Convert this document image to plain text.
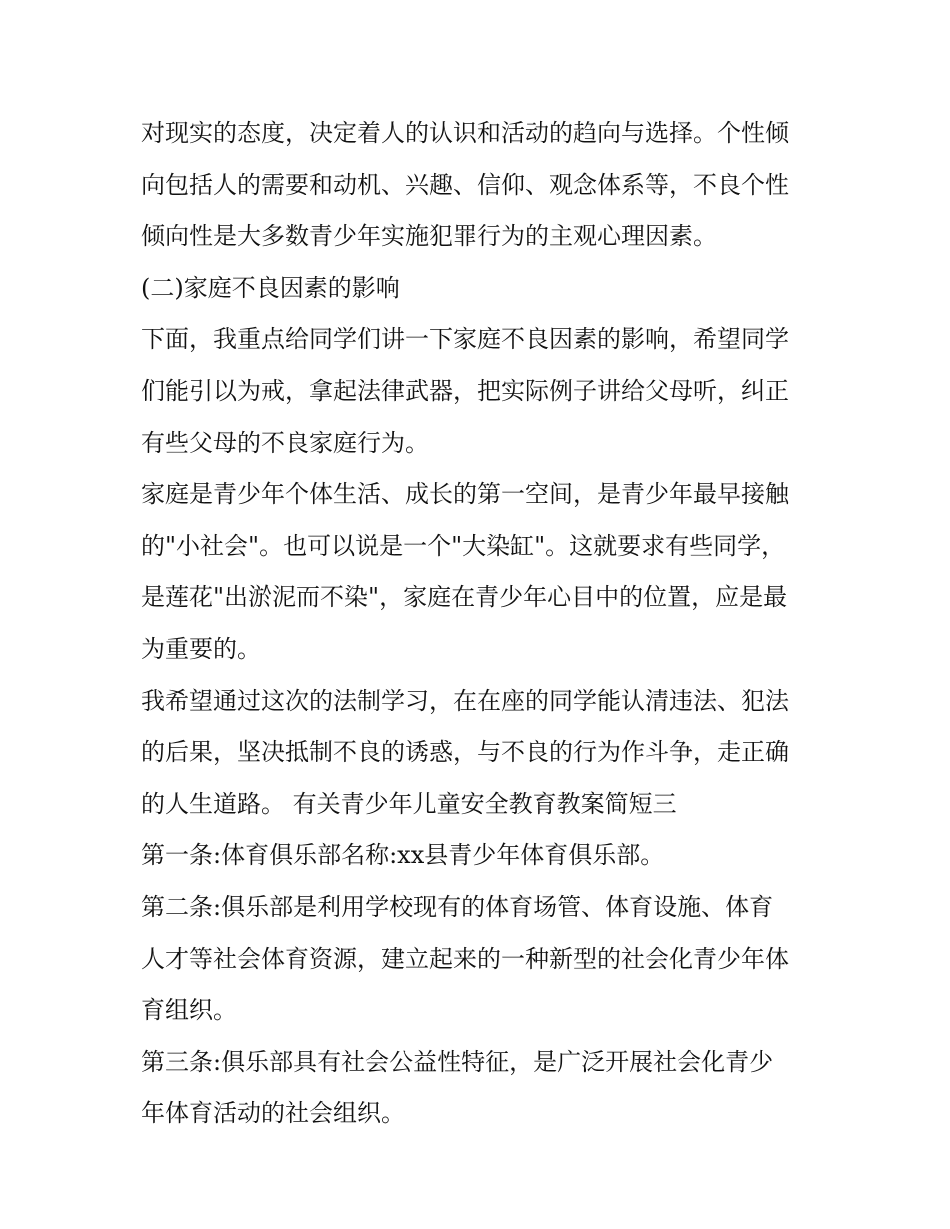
对现实的态度，决定着人的认识和活动的趋向与选择。个性倾
向包括人的需要和动机、兴趣、信仰、观念体系等，不良个性
倾向性是大多数青少年实施犯罪行为的主观心理因素。
(二)家庭不良因素的影响
下面，我重点给同学们讲一下家庭不良因素的影响，希望同学
们能引以为戒，拿起法律武器，把实际例子讲给父母听，纠正
有些父母的不良家庭行为。
家庭是青少年个体生活、成长的第一空间，是青少年最早接触
的"小社会"。也可以说是一个"大染缸"。这就要求有些同学，
是莲花"出淤泥而不染"，家庭在青少年心目中的位置，应是最
为重要的。
我希望通过这次的法制学习，在在座的同学能认清违法、犯法
的后果，坚决抵制不良的诱惑，与不良的行为作斗争，走正确
的人生道路。 有关青少年儿童安全教育教案简短三
第一条:体育俱乐部名称:xx县青少年体育俱乐部。
第二条:俱乐部是利用学校现有的体育场管、体育设施、体育
人才等社会体育资源，建立起来的一种新型的社会化青少年体
育组织。
第三条:俱乐部具有社会公益性特征，是广泛开展社会化青少
年体育活动的社会组织。
